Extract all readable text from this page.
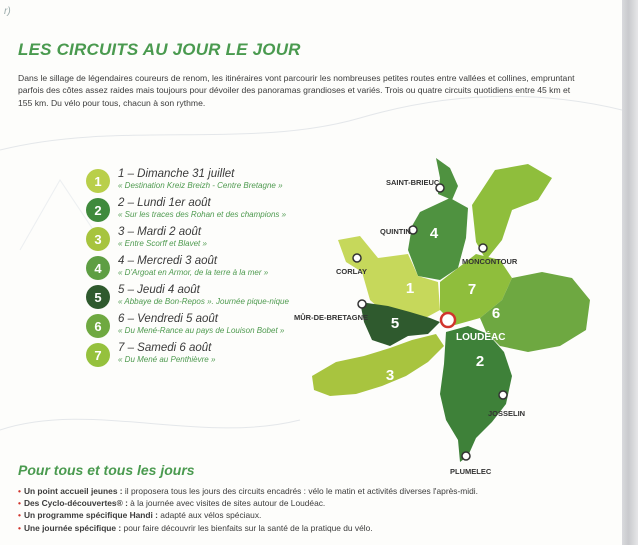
r)
LES CIRCUITS AU JOUR LE JOUR

Dans le sillage de légendaires coureurs de renom, les itinéraires vont parcourir les nombreuses petites routes entre vallées et collines, empruntant parfois des côtes assez raides mais toujours pour dévoiler des panoramas grandioses et variés. Trois ou quatre circuits quotidiens entre 45 km et 155 km. Du vélo pour tous, chacun à son rythme.

1	1 – Dimanche 31 juillet
« Destination Kreiz Breizh - Centre Bretagne »
2	2 – Lundi 1er août
« Sur les traces des Rohan et des champions »
3	3 – Mardi 2 août
« Entre Scorff et Blavet »
4	4 – Mercredi 3 août
« D'Argoat en Armor, de la terre à la mer »
5	5 – Jeudi 4 août
« Abbaye de Bon-Repos ». Journée pique-nique
6	6 – Vendredi 5 août
« Du Mené-Rance au pays de Louison Bobet »
7	7 – Samedi 6 août
« Du Mené au Penthièvre »
1
2
3
4
5
6
7
SAINT-BRIEUC
QUINTIN
CORLAY
MONCONTOUR
MÛR-DE-BRETAGNE
JOSSELIN
PLUMELEC
LOUDÉAC
Pour tous et tous les jours
• Un point accueil jeunes : il proposera tous les jours des circuits encadrés : vélo le matin et activités diverses l'après-midi.
• Des Cyclo-découvertes® : à la journée avec visites de sites autour de Loudéac.
• Un programme spécifique Handi : adapté aux vélos spéciaux.
• Une journée spécifique : pour faire découvrir les bienfaits sur la santé de la pratique du vélo.
